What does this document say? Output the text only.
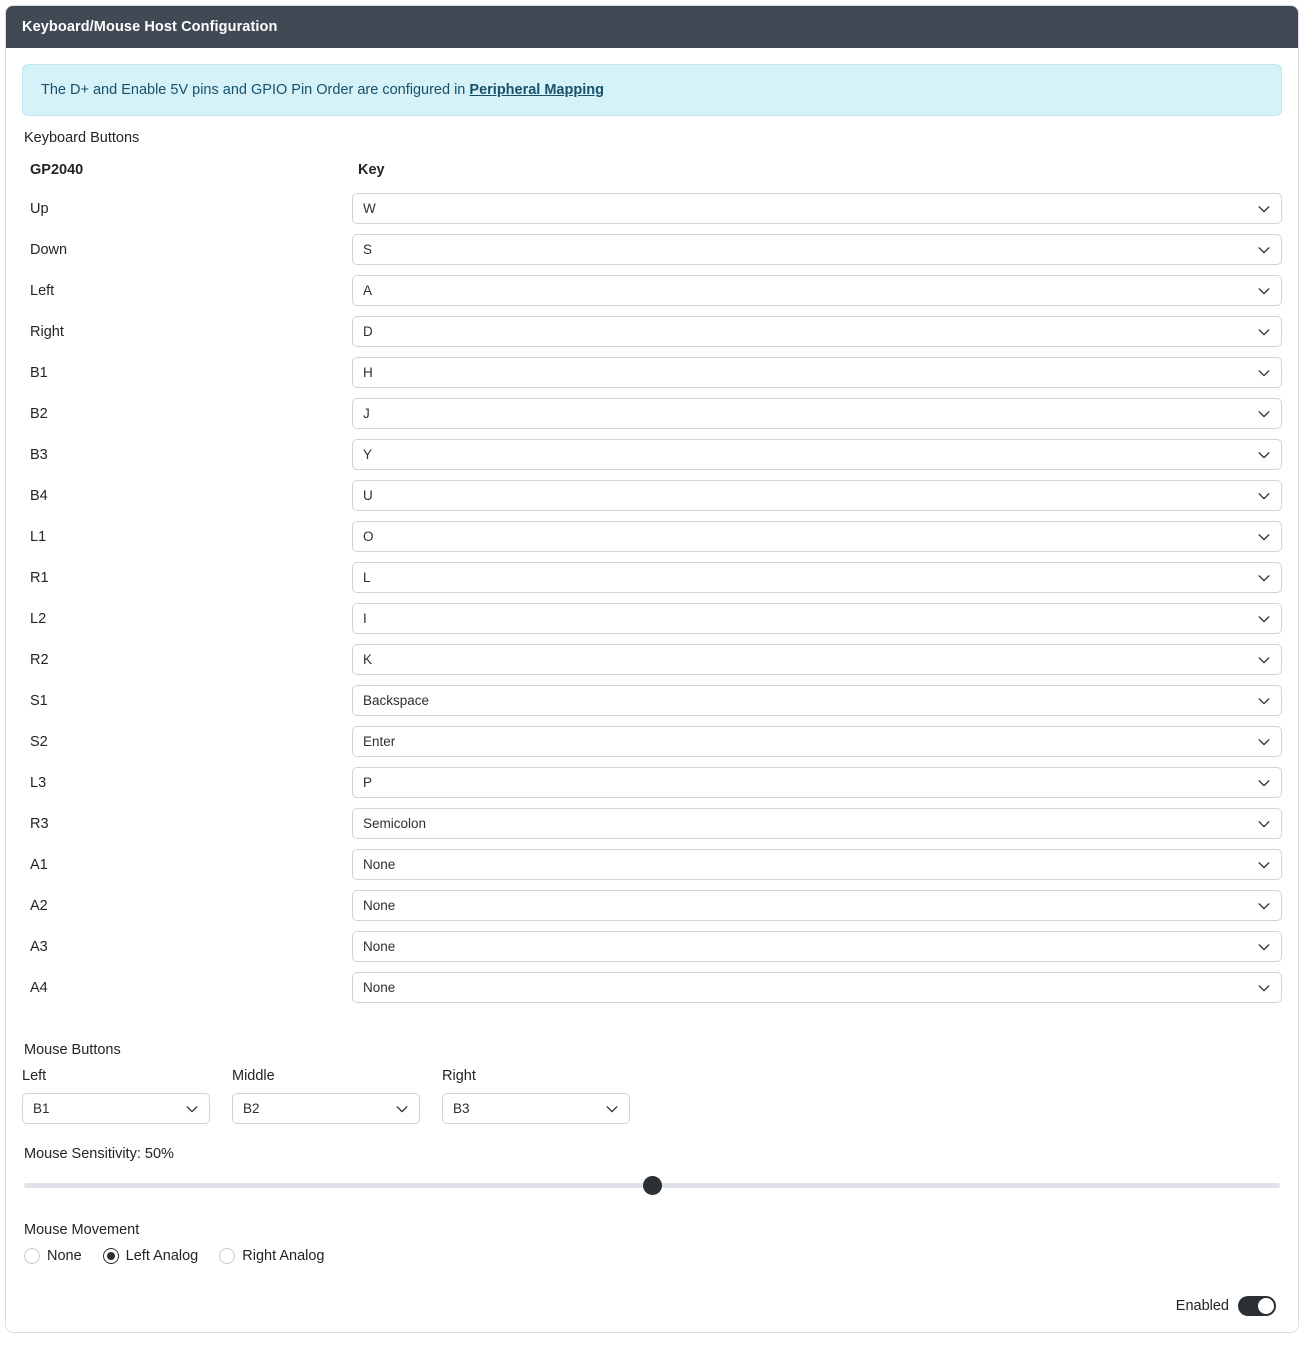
Keyboard/Mouse Host Configuration
The D+ and Enable 5V pins and GPIO Pin Order are configured in Peripheral Mapping
Keyboard Buttons
GP2040	Key
Up	W

Down	S

Left	A

Right	D

B1	H

B2	J

B3	Y

B4	U

L1	O

R1	L

L2	I

R2	K

S1	Backspace

S2	Enter

L3	P

R3	Semicolon

A1	None

A2	None

A3	None

A4	None
Mouse Buttons
Left
B1
Middle
B2
Right
B3
Mouse Sensitivity: 50%
Mouse Movement
None	Left Analog	Right Analog
Enabled
